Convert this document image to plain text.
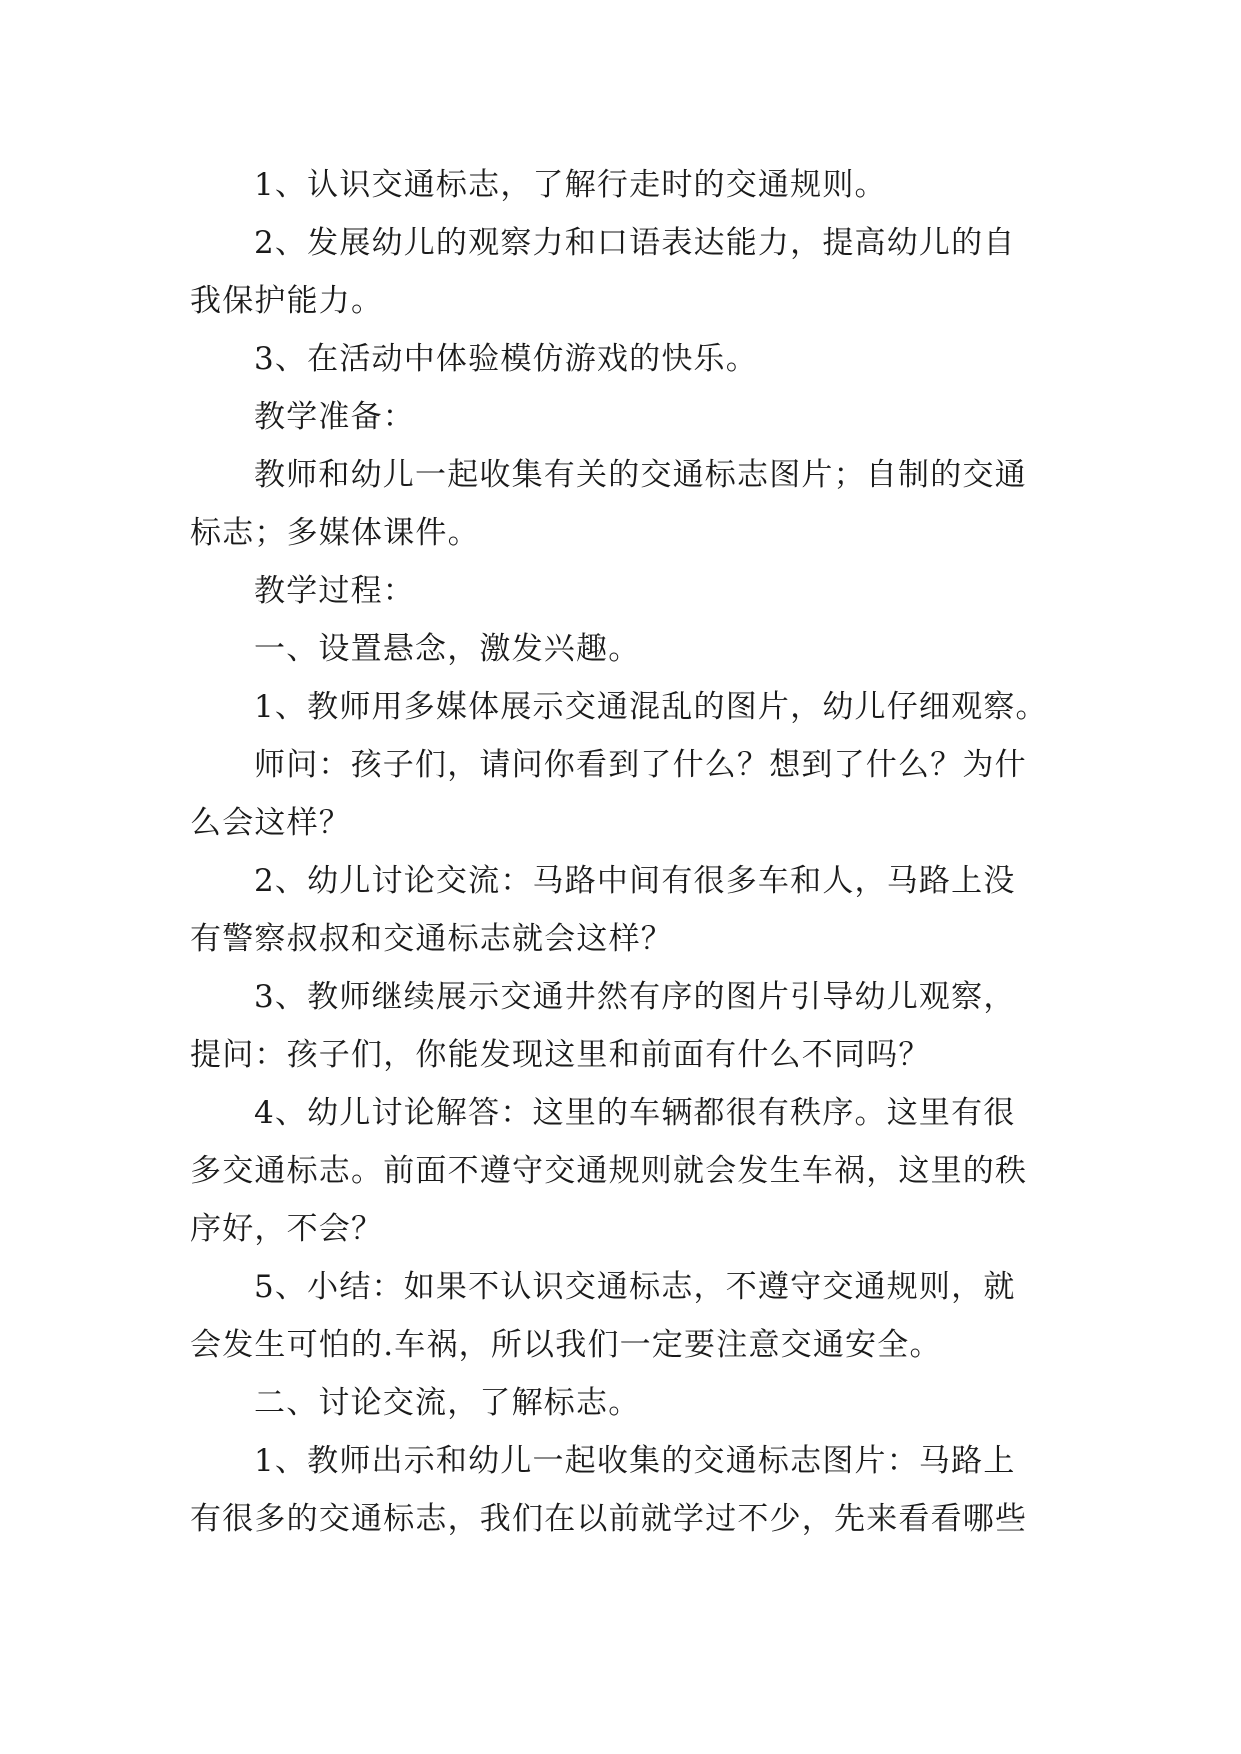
1、认识交通标志，了解行走时的交通规则。

2、发展幼儿的观察力和口语表达能力，提高幼儿的自

我保护能力。

3、在活动中体验模仿游戏的快乐。

教学准备：

教师和幼儿一起收集有关的交通标志图片；自制的交通

标志；多媒体课件。

教学过程：

一、设置悬念，激发兴趣。

1、教师用多媒体展示交通混乱的图片，幼儿仔细观察。

师问：孩子们，请问你看到了什么？想到了什么？为什

么会这样？

2、幼儿讨论交流：马路中间有很多车和人，马路上没

有警察叔叔和交通标志就会这样？

3、教师继续展示交通井然有序的图片引导幼儿观察，

提问：孩子们，你能发现这里和前面有什么不同吗？

4、幼儿讨论解答：这里的车辆都很有秩序。这里有很

多交通标志。前面不遵守交通规则就会发生车祸，这里的秩

序好，不会？

5、小结：如果不认识交通标志，不遵守交通规则，就

会发生可怕的.车祸，所以我们一定要注意交通安全。

二、讨论交流，了解标志。

1、教师出示和幼儿一起收集的交通标志图片：马路上

有很多的交通标志，我们在以前就学过不少，先来看看哪些
